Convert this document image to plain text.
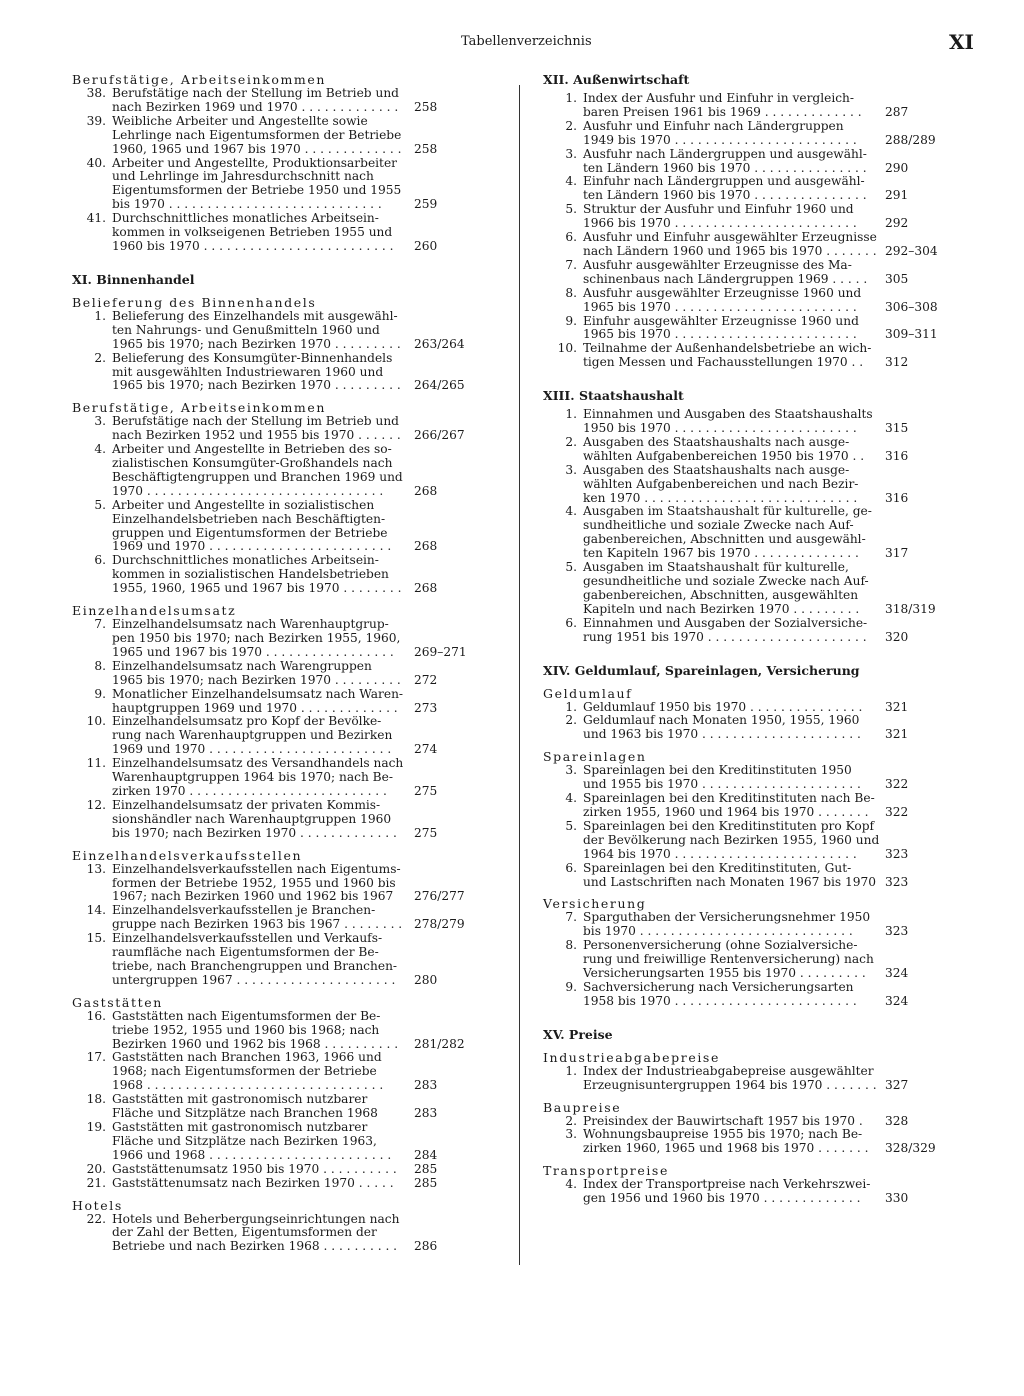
Tabellenverzeichnis	XI
Berufstätige, Arbeitseinkommen
38. Berufstätige nach der Stellung im Betrieb und
nach Bezirken 1969 und 1970 . . . . . . . . . . . . .	258
39. Weibliche Arbeiter und Angestellte sowie
Lehrlinge nach Eigentumsformen der Betriebe
1960, 1965 und 1967 bis 1970 . . . . . . . . . . . . .	258
40. Arbeiter und Angestellte, Produktionsarbeiter
und Lehrlinge im Jahresdurchschnitt nach
Eigentumsformen der Betriebe 1950 und 1955
bis 1970 . . . . . . . . . . . . . . . . . . . . . . . . . . . .	259
41. Durchschnittliches monatliches Arbeitsein-
kommen in volkseigenen Betrieben 1955 und
1960 bis 1970 . . . . . . . . . . . . . . . . . . . . . . . . .	260
XI. Binnenhandel
Belieferung des Binnenhandels
1. Belieferung des Einzelhandels mit ausgewähl-
ten Nahrungs- und Genußmitteln 1960 und
1965 bis 1970; nach Bezirken 1970 . . . . . . . . .	263/264
2. Belieferung des Konsumgüter-Binnenhandels
mit ausgewählten Industriewaren 1960 und
1965 bis 1970; nach Bezirken 1970 . . . . . . . . .	264/265
Berufstätige, Arbeitseinkommen
3. Berufstätige nach der Stellung im Betrieb und
nach Bezirken 1952 und 1955 bis 1970 . . . . . .	266/267
4. Arbeiter und Angestellte in Betrieben des so-
zialistischen Konsumgüter-Großhandels nach
Beschäftigtengruppen und Branchen 1969 und
1970 . . . . . . . . . . . . . . . . . . . . . . . . . . . . . . .	268
5. Arbeiter und Angestellte in sozialistischen
Einzelhandelsbetrieben nach Beschäftigten-
gruppen und Eigentumsformen der Betriebe
1969 und 1970 . . . . . . . . . . . . . . . . . . . . . . . .	268
6. Durchschnittliches monatliches Arbeitsein-
kommen in sozialistischen Handelsbetrieben
1955, 1960, 1965 und 1967 bis 1970 . . . . . . . .	268
Einzelhandelsumsatz
7. Einzelhandelsumsatz nach Warenhauptgrup-
pen 1950 bis 1970; nach Bezirken 1955, 1960,
1965 und 1967 bis 1970 . . . . . . . . . . . . . . . . .	269–271
8. Einzelhandelsumsatz nach Warengruppen
1965 bis 1970; nach Bezirken 1970 . . . . . . . . .	272
9. Monatlicher Einzelhandelsumsatz nach Waren-
hauptgruppen 1969 und 1970 . . . . . . . . . . . . .	273
10. Einzelhandelsumsatz pro Kopf der Bevölke-
rung nach Warenhauptgruppen und Bezirken
1969 und 1970 . . . . . . . . . . . . . . . . . . . . . . . .	274
11. Einzelhandelsumsatz des Versandhandels nach
Warenhauptgruppen 1964 bis 1970; nach Be-
zirken 1970 . . . . . . . . . . . . . . . . . . . . . . . . . .	275
12. Einzelhandelsumsatz der privaten Kommis-
sionshändler nach Warenhauptgruppen 1960
bis 1970; nach Bezirken 1970 . . . . . . . . . . . . .	275
Einzelhandelsverkaufsstellen
13. Einzelhandelsverkaufsstellen nach Eigentums-
formen der Betriebe 1952, 1955 und 1960 bis
1967; nach Bezirken 1960 und 1962 bis 1967	276/277
14. Einzelhandelsverkaufsstellen je Branchen-
gruppe nach Bezirken 1963 bis 1967 . . . . . . . . 278/279
15. Einzelhandelsverkaufsstellen und Verkaufs-
raumfläche nach Eigentumsformen der Be-
triebe, nach Branchengruppen und Branchen-
untergruppen 1967 . . . . . . . . . . . . . . . . . . . . .	280
Gaststätten
16. Gaststätten nach Eigentumsformen der Be-
triebe 1952, 1955 und 1960 bis 1968; nach
Bezirken 1960 und 1962 bis 1968 . . . . . . . . . .	281/282
17. Gaststätten nach Branchen 1963, 1966 und
1968; nach Eigentumsformen der Betriebe
1968 . . . . . . . . . . . . . . . . . . . . . . . . . . . . . . .	283
18. Gaststätten mit gastronomisch nutzbarer
Fläche und Sitzplätze nach Branchen 1968	283
19. Gaststätten mit gastronomisch nutzbarer
Fläche und Sitzplätze nach Bezirken 1963,
1966 und 1968 . . . . . . . . . . . . . . . . . . . . . . . .	284
20. Gaststättenumsatz 1950 bis 1970 . . . . . . . . . .	285
21. Gaststättenumsatz nach Bezirken 1970 . . . . .	285
Hotels
22. Hotels und Beherbergungseinrichtungen nach
der Zahl der Betten, Eigentumsformen der
Betriebe und nach Bezirken 1968 . . . . . . . . . .	286
XII. Außenwirtschaft
1. Index der Ausfuhr und Einfuhr in vergleich-
baren Preisen 1961 bis 1969 . . . . . . . . . . . . .	287
2. Ausfuhr und Einfuhr nach Ländergruppen
1949 bis 1970 . . . . . . . . . . . . . . . . . . . . . . . .	288/289
3. Ausfuhr nach Ländergruppen und ausgewähl-
ten Ländern 1960 bis 1970 . . . . . . . . . . . . . . .	290
4. Einfuhr nach Ländergruppen und ausgewähl-
ten Ländern 1960 bis 1970 . . . . . . . . . . . . . . .	291
5. Struktur der Ausfuhr und Einfuhr 1960 und
1966 bis 1970 . . . . . . . . . . . . . . . . . . . . . . . .	292
6. Ausfuhr und Einfuhr ausgewählter Erzeugnisse
nach Ländern 1960 und 1965 bis 1970 . . . . . . . 292–304
7. Ausfuhr ausgewählter Erzeugnisse des Ma-
schinenbaus nach Ländergruppen 1969 . . . . .	305
8. Ausfuhr ausgewählter Erzeugnisse 1960 und
1965 bis 1970 . . . . . . . . . . . . . . . . . . . . . . . .	306–308
9. Einfuhr ausgewählter Erzeugnisse 1960 und
1965 bis 1970 . . . . . . . . . . . . . . . . . . . . . . . .	309–311
10. Teilnahme der Außenhandelsbetriebe an wich-
tigen Messen und Fachausstellungen 1970 . .	312
XIII. Staatshaushalt
1. Einnahmen und Ausgaben des Staatshaushalts
1950 bis 1970 . . . . . . . . . . . . . . . . . . . . . . . .	315
2. Ausgaben des Staatshaushalts nach ausge-
wählten Aufgabenbereichen 1950 bis 1970 . .	316
3. Ausgaben des Staatshaushalts nach ausge-
wählten Aufgabenbereichen und nach Bezir-
ken 1970 . . . . . . . . . . . . . . . . . . . . . . . . . . . .	316
4. Ausgaben im Staatshaushalt für kulturelle, ge-
sundheitliche und soziale Zwecke nach Auf-
gabenbereichen, Abschnitten und ausgewähl-
ten Kapiteln 1967 bis 1970 . . . . . . . . . . . . . .	317
5. Ausgaben im Staatshaushalt für kulturelle,
gesundheitliche und soziale Zwecke nach Auf-
gabenbereichen, Abschnitten, ausgewählten
Kapiteln und nach Bezirken 1970 . . . . . . . . .	318/319
6. Einnahmen und Ausgaben der Sozialversiche-
rung 1951 bis 1970 . . . . . . . . . . . . . . . . . . . . .	320
XIV. Geldumlauf, Spareinlagen, Versicherung
Geldumlauf
1. Geldumlauf 1950 bis 1970 . . . . . . . . . . . . . . .	321
2. Geldumlauf nach Monaten 1950, 1955, 1960
und 1963 bis 1970 . . . . . . . . . . . . . . . . . . . . .	321
Spareinlagen
3. Spareinlagen bei den Kreditinstituten 1950
und 1955 bis 1970 . . . . . . . . . . . . . . . . . . . . .	322
4. Spareinlagen bei den Kreditinstituten nach Be-
zirken 1955, 1960 und 1964 bis 1970 . . . . . . .	322
5. Spareinlagen bei den Kreditinstituten pro Kopf
der Bevölkerung nach Bezirken 1955, 1960 und
1964 bis 1970 . . . . . . . . . . . . . . . . . . . . . . . .	323
6. Spareinlagen bei den Kreditinstituten, Gut-
und Lastschriften nach Monaten 1967 bis 1970 323
Versicherung
7. Sparguthaben der Versicherungsnehmer 1950
bis 1970 . . . . . . . . . . . . . . . . . . . . . . . . . . . .	323
8. Personenversicherung (ohne Sozialversiche-
rung und freiwillige Rentenversicherung) nach
Versicherungsarten 1955 bis 1970 . . . . . . . . .	324
9. Sachversicherung nach Versicherungsarten
1958 bis 1970 . . . . . . . . . . . . . . . . . . . . . . . .	324
XV. Preise
Industrieabgabepreise
1. Index der Industrieabgabepreise ausgewählter
Erzeugnisuntergruppen 1964 bis 1970 . . . . . . . 327
Baupreise
2. Preisindex der Bauwirtschaft 1957 bis 1970 .	328
3. Wohnungsbaupreise 1955 bis 1970; nach Be-
zirken 1960, 1965 und 1968 bis 1970 . . . . . . .	328/329
Transportpreise
4. Index der Transportpreise nach Verkehrszwei-
gen 1956 und 1960 bis 1970 . . . . . . . . . . . . .	330
